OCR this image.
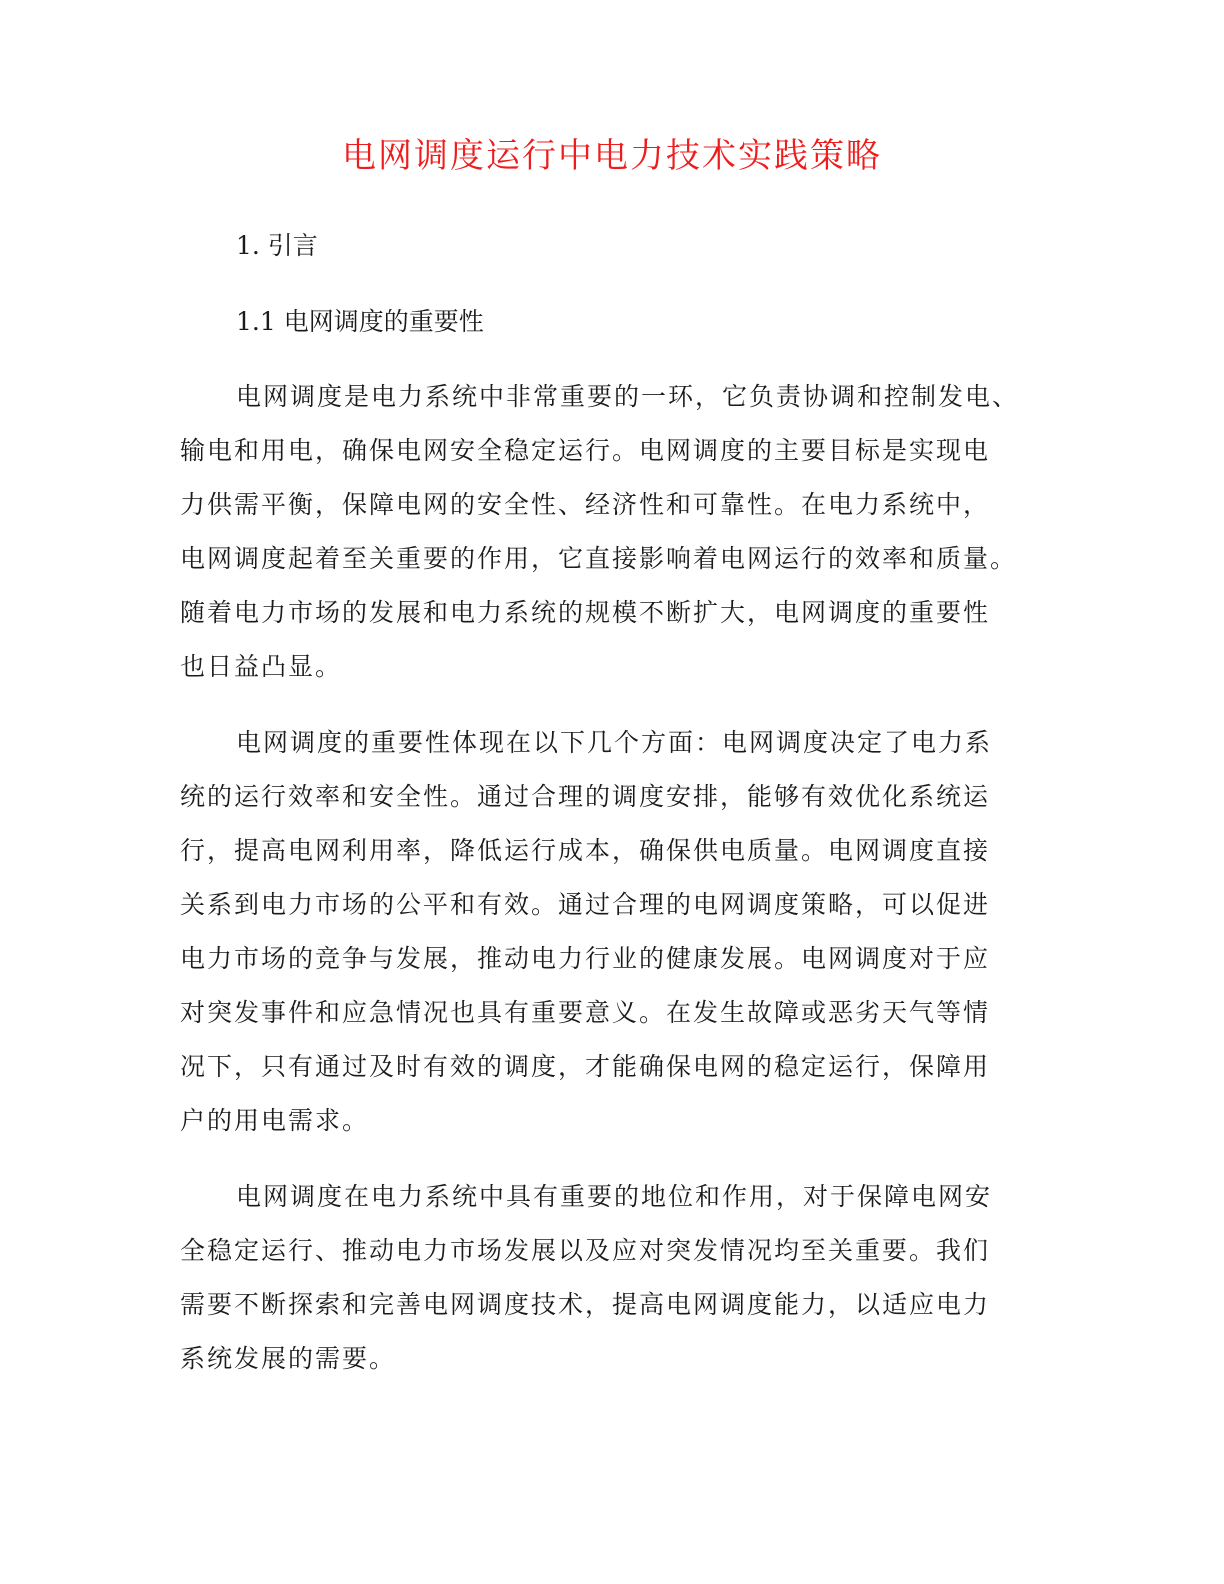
电网调度运行中电力技术实践策略
1. 引言
1.1 电网调度的重要性
电网调度是电力系统中非常重要的一环，它负责协调和控制发电、
输电和用电，确保电网安全稳定运行。电网调度的主要目标是实现电
力供需平衡，保障电网的安全性、经济性和可靠性。在电力系统中，
电网调度起着至关重要的作用，它直接影响着电网运行的效率和质量。
随着电力市场的发展和电力系统的规模不断扩大，电网调度的重要性
也日益凸显。
电网调度的重要性体现在以下几个方面：电网调度决定了电力系
统的运行效率和安全性。通过合理的调度安排，能够有效优化系统运
行，提高电网利用率，降低运行成本，确保供电质量。电网调度直接
关系到电力市场的公平和有效。通过合理的电网调度策略，可以促进
电力市场的竞争与发展，推动电力行业的健康发展。电网调度对于应
对突发事件和应急情况也具有重要意义。在发生故障或恶劣天气等情
况下，只有通过及时有效的调度，才能确保电网的稳定运行，保障用
户的用电需求。
电网调度在电力系统中具有重要的地位和作用，对于保障电网安
全稳定运行、推动电力市场发展以及应对突发情况均至关重要。我们
需要不断探索和完善电网调度技术，提高电网调度能力，以适应电力
系统发展的需要。
